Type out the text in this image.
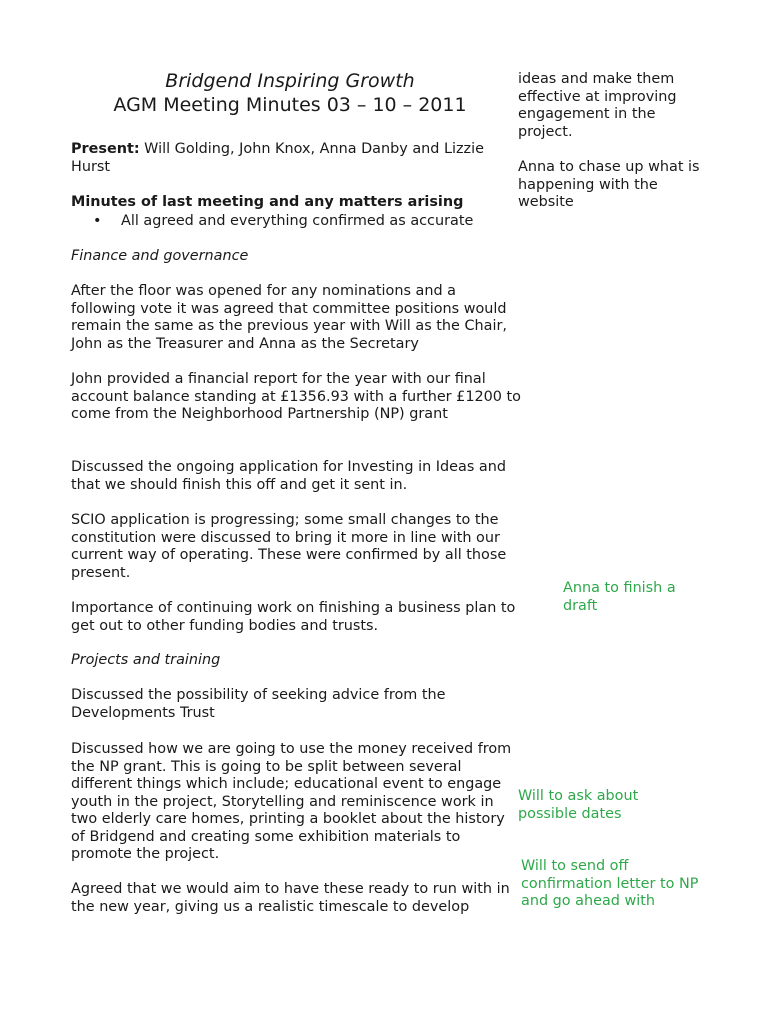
Bridgend Inspiring Growth
AGM Meeting Minutes 03 – 10 – 2011
Present: Will Golding, John Knox, Anna Danby and Lizzie Hurst
Minutes of last meeting and any matters arising
• All agreed and everything confirmed as accurate
Finance and governance

After the floor was opened for any nominations and a following vote it was agreed that committee positions would remain the same as the previous year with Will as the Chair, John as the Treasurer and Anna as the Secretary

John provided a financial report for the year with our final account balance standing at £1356.93 with a further £1200 to come from the Neighborhood Partnership (NP) grant

Discussed the ongoing application for Investing in Ideas and that we should finish this off and get it sent in.

SCIO application is progressing; some small changes to the constitution were discussed to bring it more in line with our current way of operating. These were confirmed by all those present.

Importance of continuing work on finishing a business plan to get out to other funding bodies and trusts.

Projects and training

Discussed the possibility of seeking advice from the Developments Trust

Discussed how we are going to use the money received from the NP grant. This is going to be split between several different things which include; educational event to engage youth in the project, Storytelling and reminiscence work in two elderly care homes, printing a booklet about the history of Bridgend and creating some exhibition materials to promote the project.

Agreed that we would aim to have these ready to run with in the new year, giving us a realistic timescale to develop

ideas and make them effective at improving engagement in the project.

Anna to chase up what is happening with the website

Anna to finish a draft

Will to ask about possible dates

Will to send off confirmation letter to NP and go ahead with
